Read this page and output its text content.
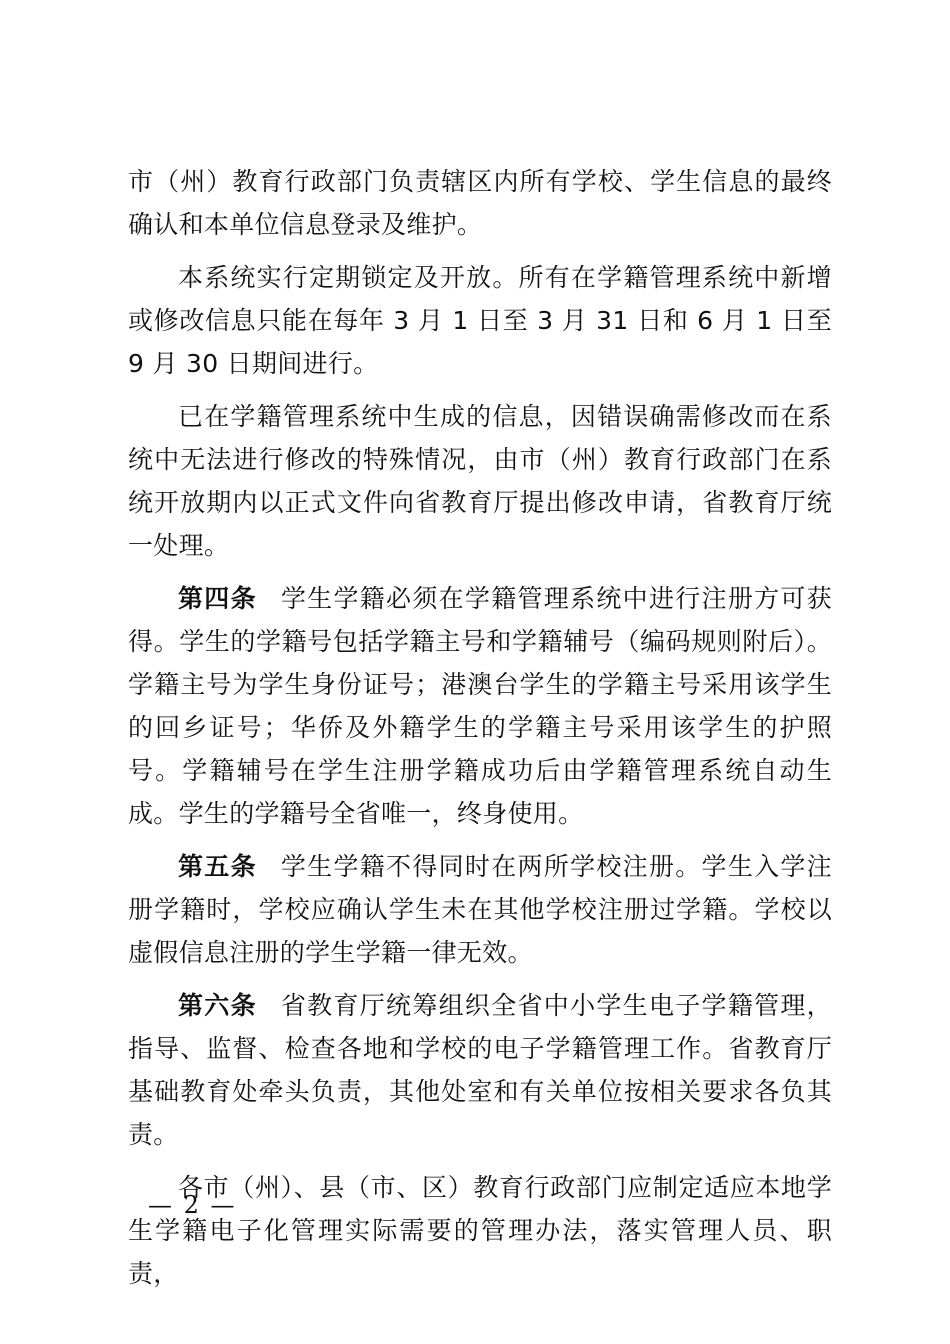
市（州）教育行政部门负责辖区内所有学校、学生信息的最终确认和本单位信息登录及维护。

本系统实行定期锁定及开放。所有在学籍管理系统中新增或修改信息只能在每年 3 月 1 日至 3 月 31 日和 6 月 1 日至 9 月 30 日期间进行。

已在学籍管理系统中生成的信息，因错误确需修改而在系统中无法进行修改的特殊情况，由市（州）教育行政部门在系统开放期内以正式文件向省教育厅提出修改申请，省教育厅统一处理。

第四条 学生学籍必须在学籍管理系统中进行注册方可获得。学生的学籍号包括学籍主号和学籍辅号（编码规则附后）。学籍主号为学生身份证号；港澳台学生的学籍主号采用该学生的回乡证号；华侨及外籍学生的学籍主号采用该学生的护照号。学籍辅号在学生注册学籍成功后由学籍管理系统自动生成。学生的学籍号全省唯一，终身使用。

第五条 学生学籍不得同时在两所学校注册。学生入学注册学籍时，学校应确认学生未在其他学校注册过学籍。学校以虚假信息注册的学生学籍一律无效。

第六条 省教育厅统筹组织全省中小学生电子学籍管理，指导、监督、检查各地和学校的电子学籍管理工作。省教育厅基础教育处牵头负责，其他处室和有关单位按相关要求各负其责。

各市（州）、县（市、区）教育行政部门应制定适应本地学生学籍电子化管理实际需要的管理办法，落实管理人员、职责，

— 2 —
